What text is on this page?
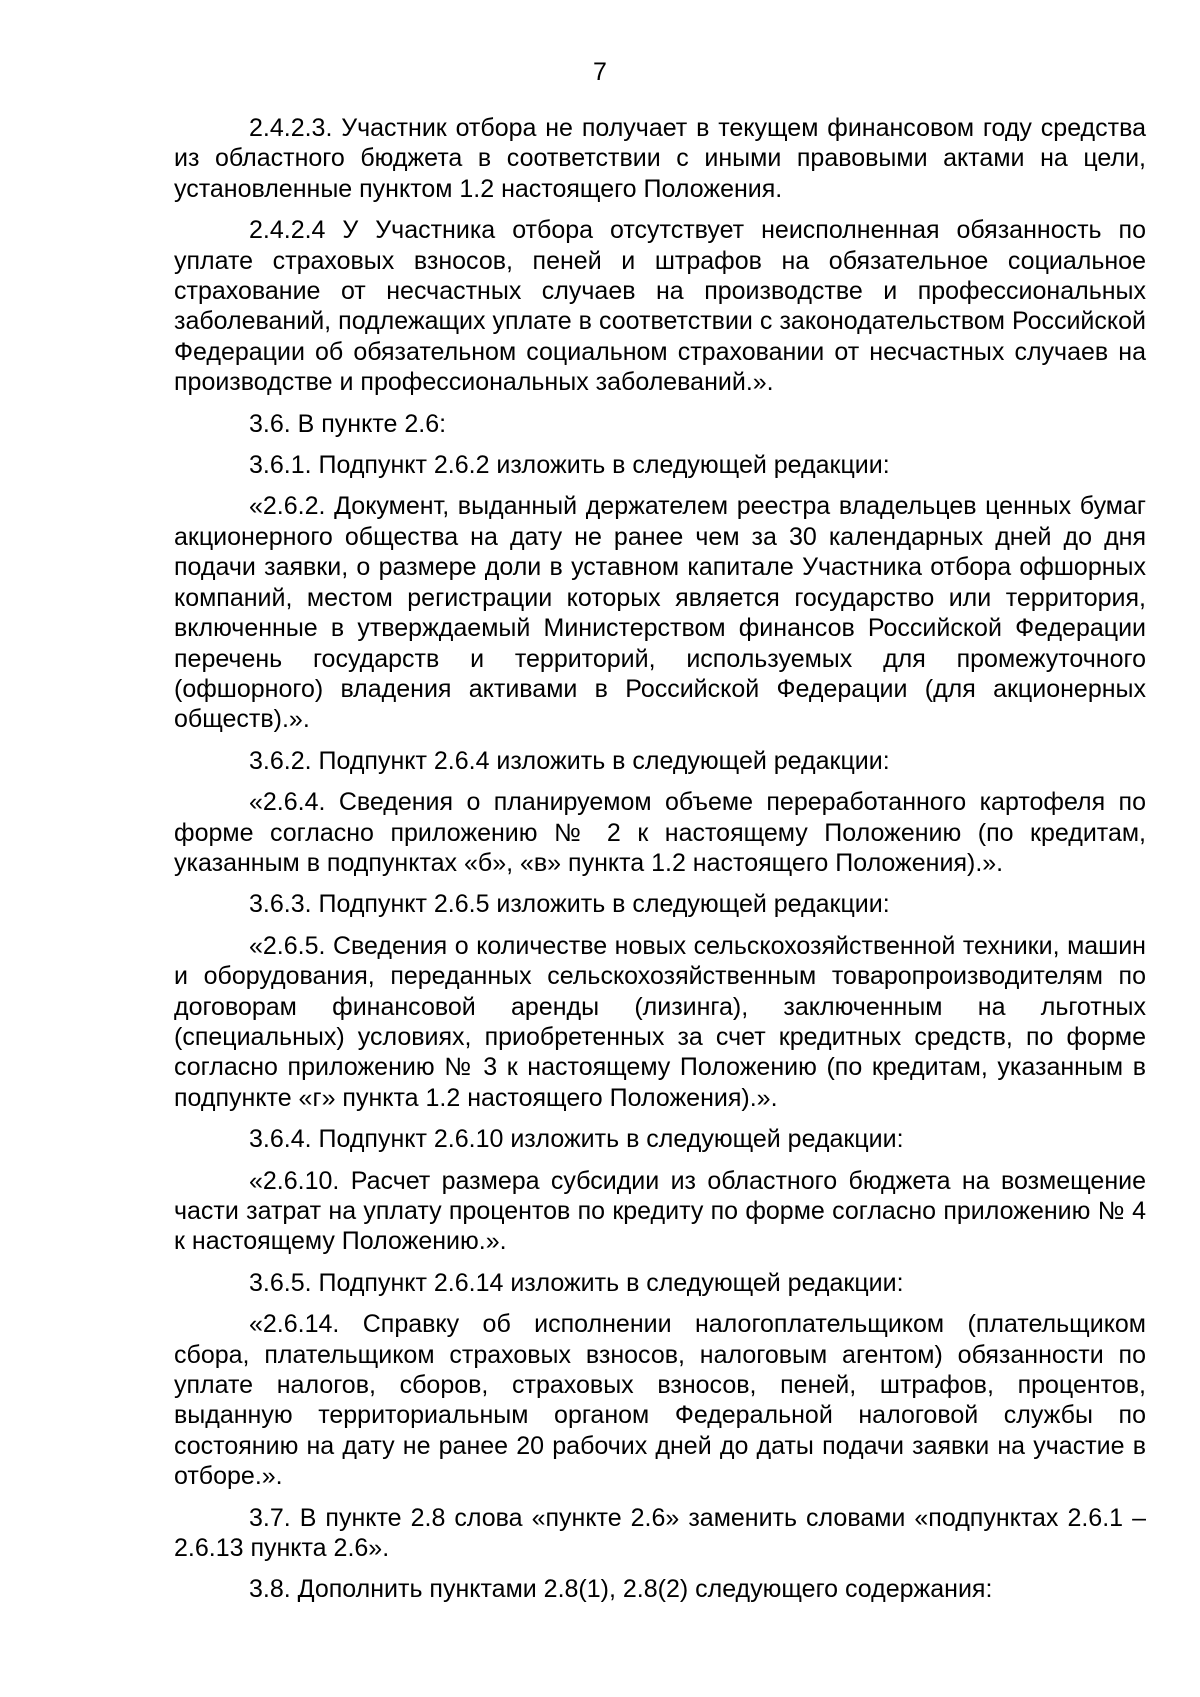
7

2.4.2.3. Участник отбора не получает в текущем финансовом году средства из областного бюджета в соответствии с иными правовыми актами на цели, установленные пунктом 1.2 настоящего Положения.

2.4.2.4 У Участника отбора отсутствует неисполненная обязанность по уплате страховых взносов, пеней и штрафов на обязательное социальное страхование от несчастных случаев на производстве и профессиональных заболеваний, подлежащих уплате в соответствии с законодательством Российской Федерации об обязательном социальном страховании от несчастных случаев на производстве и профессиональных заболеваний.».

3.6. В пункте 2.6:

3.6.1. Подпункт 2.6.2 изложить в следующей редакции:

«2.6.2. Документ, выданный держателем реестра владельцев ценных бумаг акционерного общества на дату не ранее чем за 30 календарных дней до дня подачи заявки, о размере доли в уставном капитале Участника отбора офшорных компаний, местом регистрации которых является государство или территория, включенные в утверждаемый Министерством финансов Российской Федерации перечень государств и территорий, используемых для промежуточного (офшорного) владения активами в Российской Федерации (для акционерных обществ).».

3.6.2. Подпункт 2.6.4 изложить в следующей редакции:

«2.6.4. Сведения о планируемом объеме переработанного картофеля по форме согласно приложению № 2 к настоящему Положению (по кредитам, указанным в подпунктах «б», «в» пункта 1.2 настоящего Положения).».

3.6.3. Подпункт 2.6.5 изложить в следующей редакции:

«2.6.5. Сведения о количестве новых сельскохозяйственной техники, машин и оборудования, переданных сельскохозяйственным товаропроизводителям по договорам финансовой аренды (лизинга), заключенным на льготных (специальных) условиях, приобретенных за счет кредитных средств, по форме согласно приложению № 3 к настоящему Положению (по кредитам, указанным в подпункте «г» пункта 1.2 настоящего Положения).».

3.6.4. Подпункт 2.6.10 изложить в следующей редакции:

«2.6.10. Расчет размера субсидии из областного бюджета на возмещение части затрат на уплату процентов по кредиту по форме согласно приложению № 4 к настоящему Положению.».

3.6.5. Подпункт 2.6.14 изложить в следующей редакции:

«2.6.14. Справку об исполнении налогоплательщиком (плательщиком сбора, плательщиком страховых взносов, налоговым агентом) обязанности по уплате налогов, сборов, страховых взносов, пеней, штрафов, процентов, выданную территориальным органом Федеральной налоговой службы по состоянию на дату не ранее 20 рабочих дней до даты подачи заявки на участие в отборе.».

3.7. В пункте 2.8 слова «пункте 2.6» заменить словами «подпунктах 2.6.1 – 2.6.13 пункта 2.6».

3.8. Дополнить пунктами 2.8(1), 2.8(2) следующего содержания:
